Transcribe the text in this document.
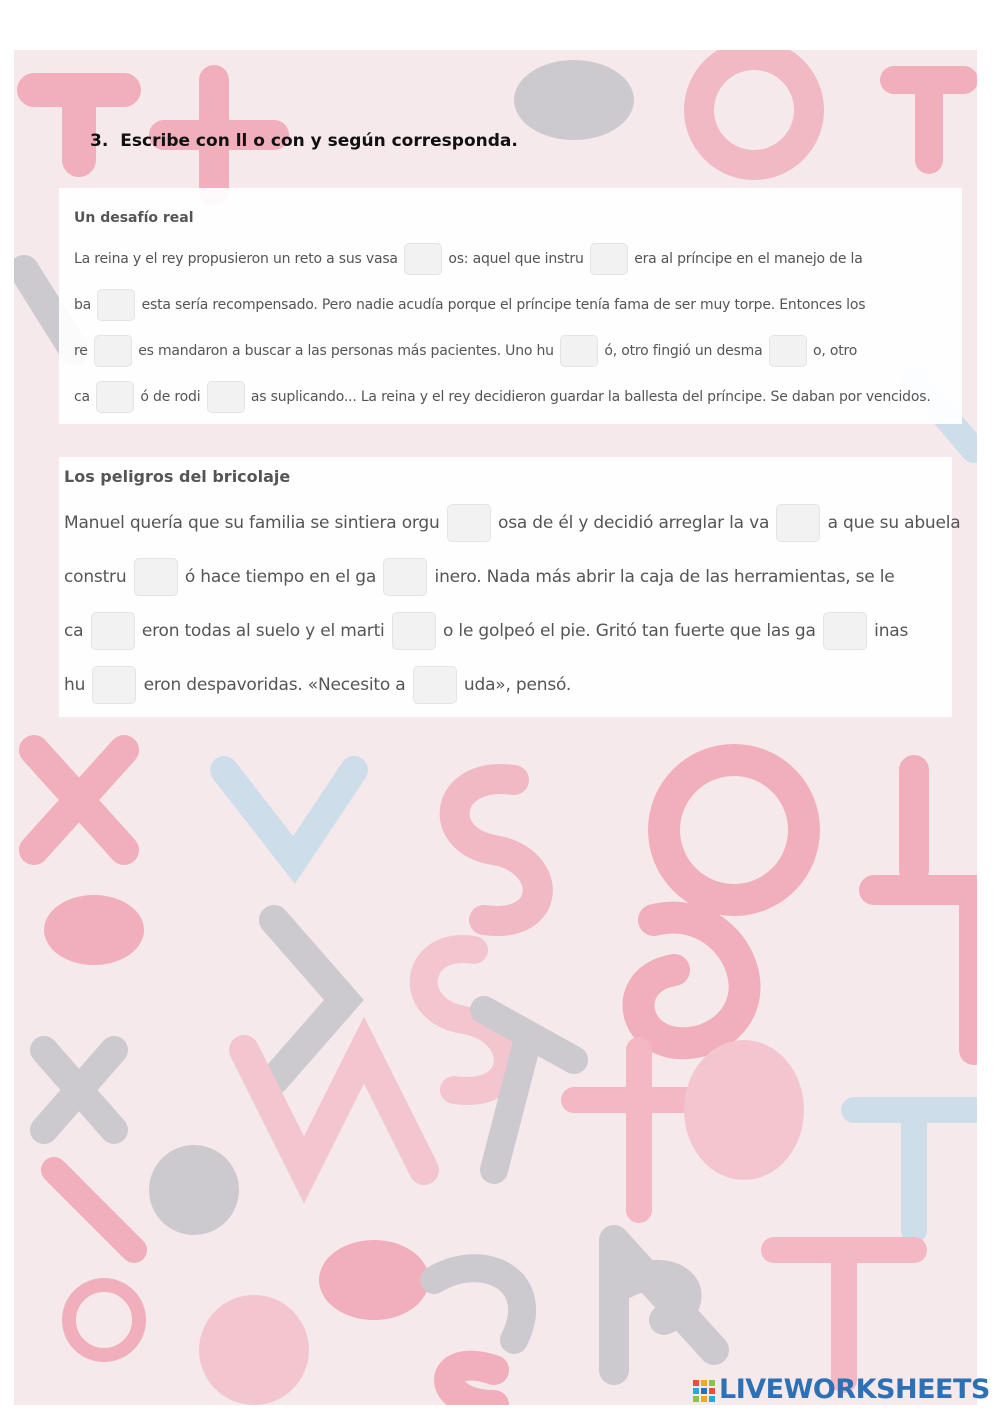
3. Escribe con ll o con y según corresponda.
Un desafío real
La reina y el rey propusieron un reto a sus vasa	os: aquel que instru	era al príncipe en el manejo de la
ba	esta sería recompensado. Pero nadie acudía porque el príncipe tenía fama de ser muy torpe. Entonces los
re	es mandaron a buscar a las personas más pacientes. Uno hu	ó, otro fingió un desma	o, otro
ca	ó de rodi	as suplicando... La reina y el rey decidieron guardar la ballesta del príncipe. Se daban por vencidos.
Los peligros del bricolaje
Manuel quería que su familia se sintiera orgu	osa de él y decidió arreglar la va	a que su abuela
constru	ó hace tiempo en el ga	inero. Nada más abrir la caja de las herramientas, se le
ca	eron todas al suelo y el marti	o le golpeó el pie. Gritó tan fuerte que las ga	inas
hu	eron despavoridas. «Necesito a	uda», pensó.
LIVEWORKSHEETS
